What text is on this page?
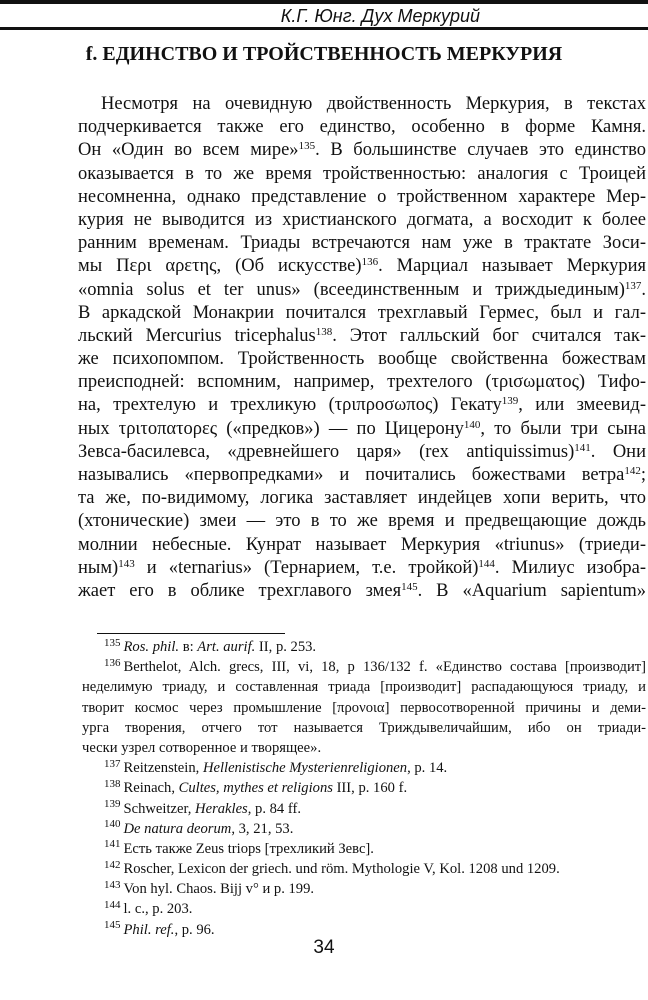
К.Г. Юнг. Дух Меркурий
f. ЕДИНСТВО И ТРОЙСТВЕННОСТЬ МЕРКУРИЯ
Несмотря на очевидную двойственность Меркурия, в текстах
подчеркивается также его единство, особенно в форме Камня.
Он «Один во всем мире»$^{135}$. В большинстве случаев это единство
оказывается в то же время тройственностью: аналогия с Троицей
несомненна, однако представление о тройственном характере Мер-
курия не выводится из христианского догмата, а восходит к более
ранним временам. Триады встречаются нам уже в трактате Зоси-
мы Περι αρετης, (Об искусстве)$^{136}$. Марциал называет Меркурия
«omnia solus et ter unus» (всеединственным и триждыединым)$^{137}$.
В аркадской Монакрии почитался трехглавый Гермес, был и гал-
льский Mercurius tricephalus$^{138}$. Этот галльский бог считался так-
же психопомпом. Тройственность вообще свойственна божествам
преисподней: вспомним, например, трехтелого (τρισωματος) Тифо-
на, трехтелую и трехликую (τριπροσωπος) Гекату$^{139}$, или змеевид-
ных τριτοπατορες («предков») — по Цицерону$^{140}$, то были три сына
Зевса-басилевса, «древнейшего царя» (rex antiquissimus)$^{141}$. Они
назывались «первопредками» и почитались божествами ветра$^{142}$;
та же, по-видимому, логика заставляет индейцев хопи верить, что
(хтонические) змеи — это в то же время и предвещающие дождь
молнии небесные. Кунрат называет Меркурия «triunus» (триеди-
ным)$^{143}$ и «ternarius» (Тернарием, т.е. тройкой)$^{144}$. Милиус изобра-
жает его в облике трехглавого змея$^{145}$. В «Aquarium sapientum»
$^{135}$ Ros. phil. в: Art. aurif. II, p. 253.
$^{136}$ Berthelot, Alch. grecs, III, vi, 18, p 136/132 f. «Единство состава [производит]
неделимую триаду, и составленная триада [производит] распадающуюся триаду, и
творит космос через промышление [προνοια] первосотворенной причины и деми-
урга творения, отчего тот называется Триждывеличайшим, ибо он триади-
чески узрел сотворенное и творящее».
$^{137}$ Reitzenstein, Hellenistische Mysterienreligionen, p. 14.
$^{138}$ Reinach, Cultes, mythes et religions III, p. 160 f.
$^{139}$ Schweitzer, Herakles, p. 84 ff.
$^{140}$ De natura deorum, 3, 21, 53.
$^{141}$ Есть также Zeus triops [трехликий Зевс].
$^{142}$ Roscher, Lexicon der griech. und röm. Mythologie V, Kol. 1208 und 1209.
$^{143}$ Von hyl. Chaos. Bijj v° и p. 199.
$^{144}$ l. c., p. 203.
$^{145}$ Phil. ref., p. 96.
34
